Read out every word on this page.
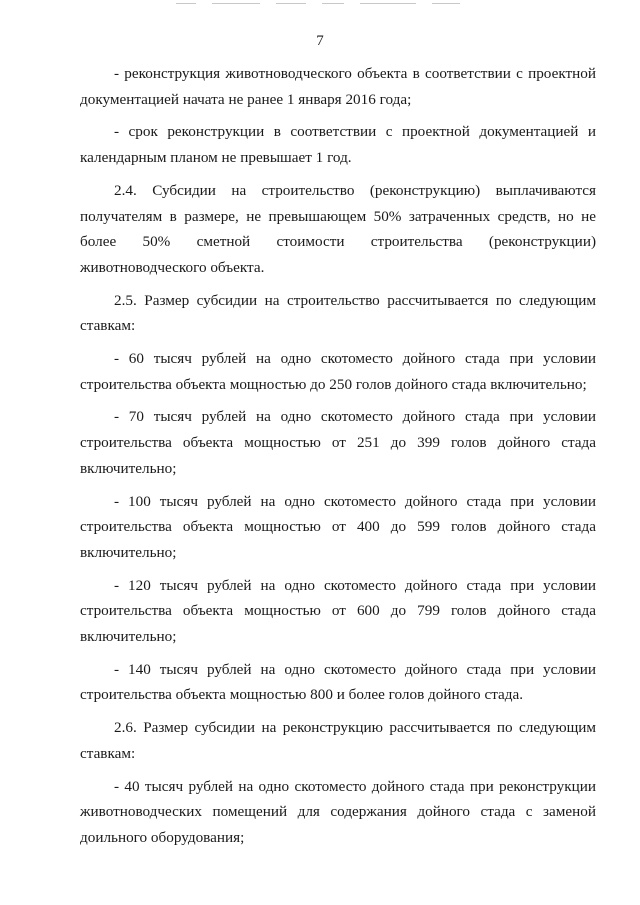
7

- реконструкция животноводческого объекта в соответствии с проектной документацией начата не ранее 1 января 2016 года;

- срок реконструкции в соответствии с проектной документацией и календарным планом не превышает 1 год.

2.4. Субсидии на строительство (реконструкцию) выплачиваются получателям в размере, не превышающем 50% затраченных средств, но не более 50% сметной стоимости строительства (реконструкции) животноводческого объекта.

2.5. Размер субсидии на строительство рассчитывается по следующим ставкам:

- 60 тысяч рублей на одно скотоместо дойного стада при условии строительства объекта мощностью до 250 голов дойного стада включительно;

- 70 тысяч рублей на одно скотоместо дойного стада при условии строительства объекта мощностью от 251 до 399 голов дойного стада включительно;

- 100 тысяч рублей на одно скотоместо дойного стада при условии строительства объекта мощностью от 400 до 599 голов дойного стада включительно;

- 120 тысяч рублей на одно скотоместо дойного стада при условии строительства объекта мощностью от 600 до 799 голов дойного стада включительно;

- 140 тысяч рублей на одно скотоместо дойного стада при условии строительства объекта мощностью 800 и более голов дойного стада.

2.6. Размер субсидии на реконструкцию рассчитывается по следующим ставкам:

- 40 тысяч рублей на одно скотоместо дойного стада при реконструкции животноводческих помещений для содержания дойного стада с заменой доильного оборудования;
